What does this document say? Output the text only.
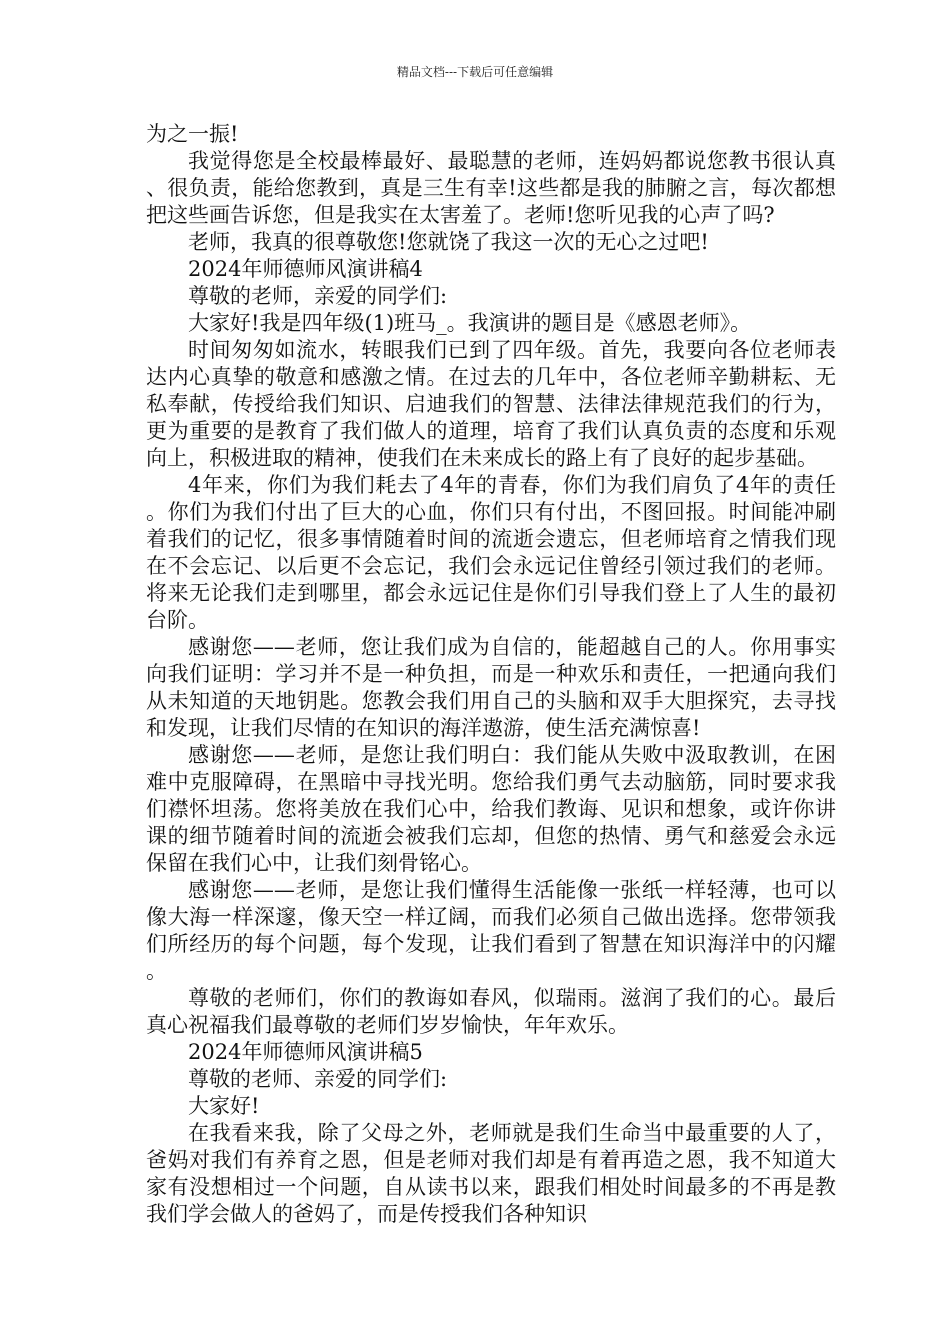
精品文档---下载后可任意编辑

为之一振!

我觉得您是全校最棒最好、最聪慧的老师，连妈妈都说您教书很认真、很负责，能给您教到，真是三生有幸!这些都是我的肺腑之言，每次都想把这些画告诉您，但是我实在太害羞了。老师!您听见我的心声了吗?

老师，我真的很尊敬您!您就饶了我这一次的无心之过吧!

2024年师德师风演讲稿4

尊敬的老师，亲爱的同学们:

大家好!我是四年级(1)班马_。我演讲的题目是《感恩老师》。

时间匆匆如流水，转眼我们已到了四年级。首先，我要向各位老师表达内心真挚的敬意和感激之情。在过去的几年中，各位老师辛勤耕耘、无私奉献，传授给我们知识、启迪我们的智慧、法律法律规范我们的行为，更为重要的是教育了我们做人的道理，培育了我们认真负责的态度和乐观向上，积极进取的精神，使我们在未来成长的路上有了良好的起步基础。

4年来，你们为我们耗去了4年的青春，你们为我们肩负了4年的责任。你们为我们付出了巨大的心血，你们只有付出，不图回报。时间能冲刷着我们的记忆，很多事情随着时间的流逝会遗忘，但老师培育之情我们现在不会忘记、以后更不会忘记，我们会永远记住曾经引领过我们的老师。将来无论我们走到哪里，都会永远记住是你们引导我们登上了人生的最初台阶。

感谢您——老师，您让我们成为自信的，能超越自己的人。你用事实向我们证明：学习并不是一种负担，而是一种欢乐和责任，一把通向我们从未知道的天地钥匙。您教会我们用自己的头脑和双手大胆探究，去寻找和发现，让我们尽情的在知识的海洋遨游，使生活充满惊喜!

感谢您——老师，是您让我们明白：我们能从失败中汲取教训，在困难中克服障碍，在黑暗中寻找光明。您给我们勇气去动脑筋，同时要求我们襟怀坦荡。您将美放在我们心中，给我们教诲、见识和想象，或许你讲课的细节随着时间的流逝会被我们忘却，但您的热情、勇气和慈爱会永远保留在我们心中，让我们刻骨铭心。

感谢您——老师，是您让我们懂得生活能像一张纸一样轻薄，也可以像大海一样深邃，像天空一样辽阔，而我们必须自己做出选择。您带领我们所经历的每个问题，每个发现，让我们看到了智慧在知识海洋中的闪耀。

尊敬的老师们，你们的教诲如春风，似瑞雨。滋润了我们的心。最后真心祝福我们最尊敬的老师们岁岁愉快，年年欢乐。

2024年师德师风演讲稿5

尊敬的老师、亲爱的同学们:

大家好!

在我看来我，除了父母之外，老师就是我们生命当中最重要的人了，爸妈对我们有养育之恩，但是老师对我们却是有着再造之恩，我不知道大家有没想相过一个问题，自从读书以来，跟我们相处时间最多的不再是教我们学会做人的爸妈了，而是传授我们各种知识
